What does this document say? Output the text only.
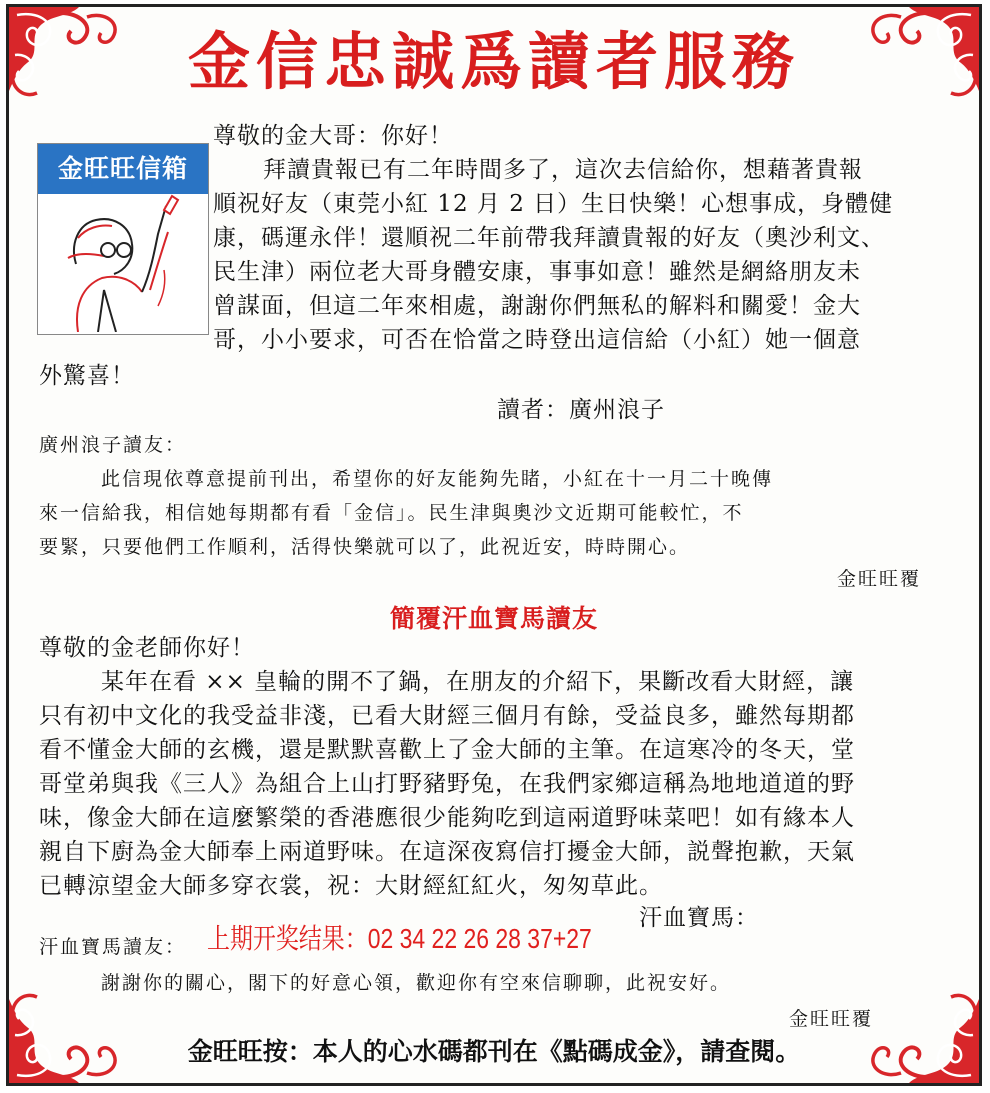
金信忠誠爲讀者服務
金旺旺信箱
尊敬的金大哥：你好！
拜讀貴報已有二年時間多了，這次去信給你，想藉著貴報
順祝好友（東莞小紅 12 月 2 日）生日快樂！心想事成，身體健
康，碼運永伴！還順祝二年前帶我拜讀貴報的好友（奧沙利文、
民生津）兩位老大哥身體安康，事事如意！雖然是網絡朋友未
曾謀面，但這二年來相處，謝謝你們無私的解料和關愛！金大
哥，小小要求，可否在恰當之時登出這信給（小紅）她一個意
外驚喜！
讀者：廣州浪子
廣州浪子讀友：
此信現依尊意提前刊出，希望你的好友能夠先睹，小紅在十一月二十晚傳
來一信給我，相信她每期都有看「金信」。民生津與奧沙文近期可能較忙，不
要緊，只要他們工作順利，活得快樂就可以了，此祝近安，時時開心。
金旺旺覆
簡覆汗血寶馬讀友
尊敬的金老師你好！
某年在看 ×× 皇輪的開不了鍋，在朋友的介紹下，果斷改看大財經，讓
只有初中文化的我受益非淺，已看大財經三個月有餘，受益良多，雖然每期都
看不懂金大師的玄機，還是默默喜歡上了金大師的主筆。在這寒冷的冬天，堂
哥堂弟與我《三人》為組合上山打野豬野兔，在我們家鄉這稱為地地道道的野
味，像金大師在這麼繁榮的香港應很少能夠吃到這兩道野味菜吧！如有緣本人
親自下廚為金大師奉上兩道野味。在這深夜寫信打擾金大師，説聲抱歉，天氣
已轉涼望金大師多穿衣裳，祝：大財經紅紅火，匆匆草此。
汗血寶馬：
汗血寶馬讀友： 上期开奖结果：02 34 22 26 28 37+27
謝謝你的關心，閣下的好意心領，歡迎你有空來信聊聊，此祝安好。
金旺旺覆
金旺旺按：本人的心水碼都刊在《點碼成金》，請查閱。
